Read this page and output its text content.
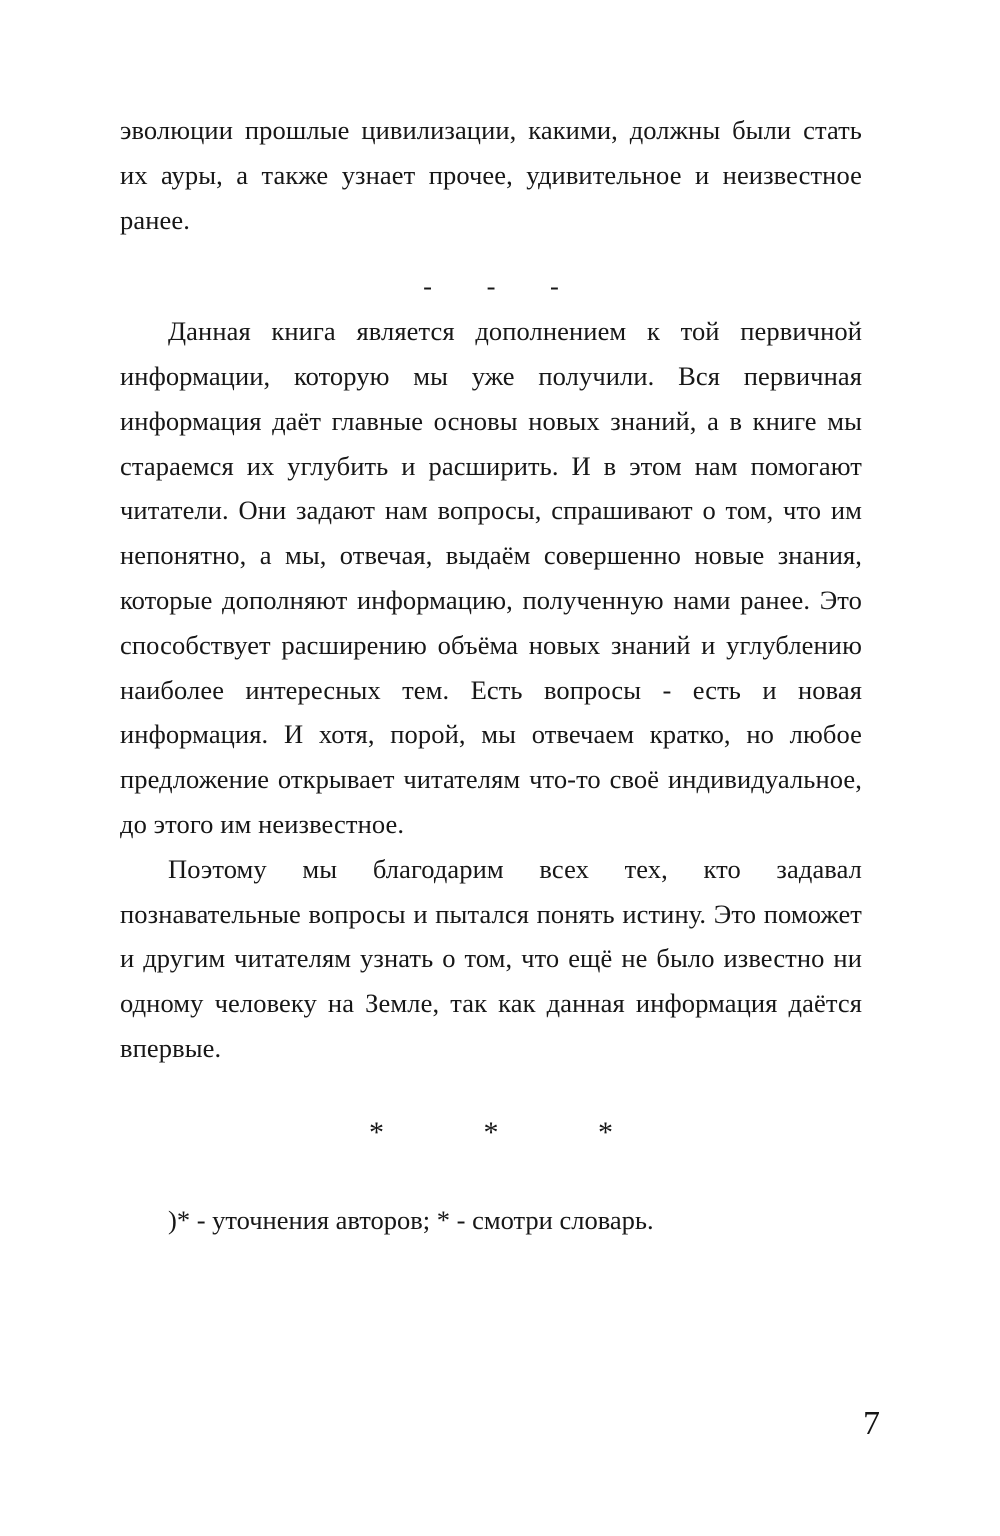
эволюции прошлые цивилизации, какими, должны были стать их ауры, а также узнает прочее, удивительное и неизвестное ранее.

- - -

Данная книга является дополнением к той первичной информации, которую мы уже получили. Вся первичная информация даёт главные основы новых знаний, а в книге мы стараемся их углубить и расширить. И в этом нам помогают читатели. Они задают нам вопросы, спрашивают о том, что им непонятно, а мы, отвечая, выдаём совершенно новые знания, которые дополняют информацию, полученную нами ранее. Это способствует расширению объёма новых знаний и углублению наиболее интересных тем. Есть вопросы - есть и новая информация. И хотя, порой, мы отвечаем кратко, но любое предложение открывает читателям что-то своё индивидуальное, до этого им неизвестное.

Поэтому мы благодарим всех тех, кто задавал познавательные вопросы и пытался понять истину. Это поможет и другим читателям узнать о том, что ещё не было известно ни одному человеку на Земле, так как данная информация даётся впервые.

* * *

)* - уточнения авторов; * - смотри словарь.

7
